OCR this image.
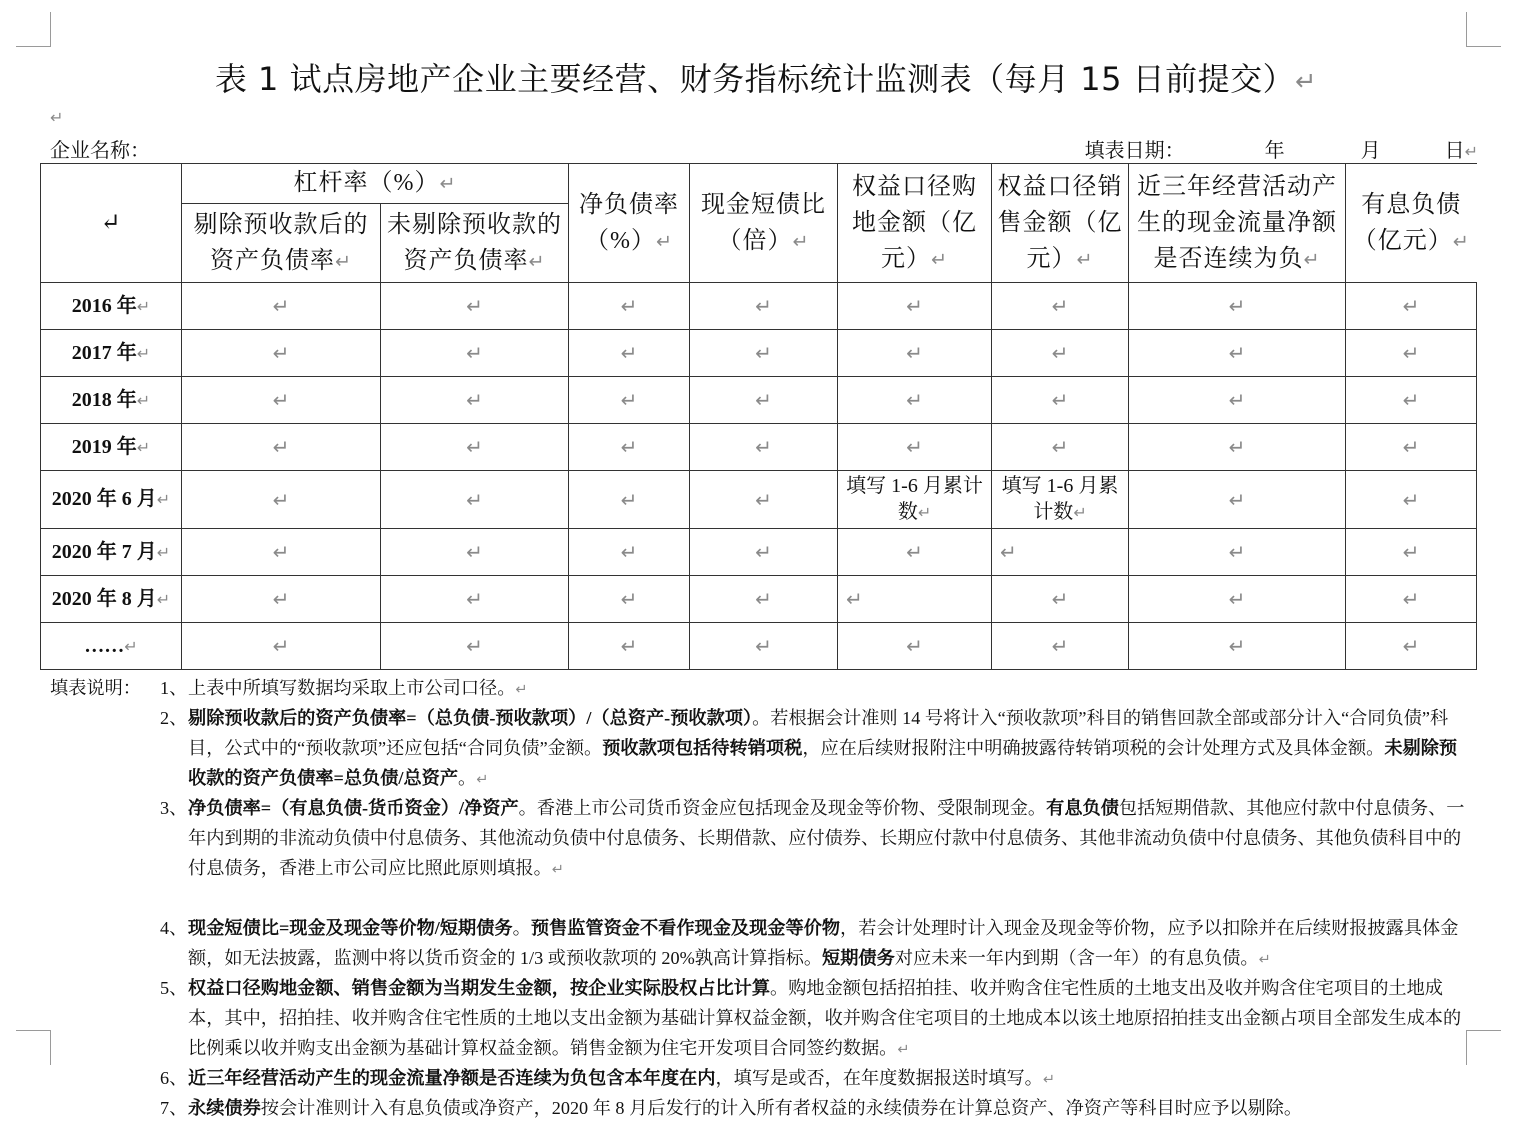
表 1 试点房地产企业主要经营、财务指标统计监测表（每月 15 日前提交）↵
↵
企业名称：	填表日期：	年	月	日↵
↵	杠杆率（%）↵		净负债率（%）↵	现金短债比（倍）↵	权益口径购地金额（亿元）↵	权益口径销售金额（亿元）↵	近三年经营活动产生的现金流量净额是否连续为负↵	有息负债（亿元）↵
	剔除预收款后的资产负债率↵	未剔除预收款的资产负债率↵						
2016 年↵	↵	↵	↵	↵	↵	↵	↵	↵
2017 年↵	↵	↵	↵	↵	↵	↵	↵	↵
2018 年↵	↵	↵	↵	↵	↵	↵	↵	↵
2019 年↵	↵	↵	↵	↵	↵	↵	↵	↵
2020 年 6 月↵	↵	↵	↵	↵	填写 1-6 月累计数↵	填写 1-6 月累计数↵	↵	↵
2020 年 7 月↵	↵	↵	↵	↵	↵	↵	↵	↵
2020 年 8 月↵	↵	↵	↵	↵	↵	↵	↵	↵
……↵	↵	↵	↵	↵	↵	↵	↵	↵
填表说明： 1、 上表中所填写数据均采取上市公司口径。↵
2、 剔除预收款后的资产负债率=（总负债-预收款项）/（总资产-预收款项）。若根据会计准则 14 号将计入“预收款项”科目的销售回款全部或部分计入“合同负债”科目，公式中的“预收款项”还应包括“合同负债”金额。预收款项包括待转销项税，应在后续财报附注中明确披露待转销项税的会计处理方式及具体金额。未剔除预收款的资产负债率=总负债/总资产。↵
3、 净负债率=（有息负债-货币资金）/净资产。香港上市公司货币资金应包括现金及现金等价物、受限制现金。有息负债包括短期借款、其他应付款中付息债务、一年内到期的非流动负债中付息债务、其他流动负债中付息债务、长期借款、应付债券、长期应付款中付息债务、其他非流动负债中付息债务、其他负债科目中的付息债务，香港上市公司应比照此原则填报。↵
4、 现金短债比=现金及现金等价物/短期债务。预售监管资金不看作现金及现金等价物，若会计处理时计入现金及现金等价物，应予以扣除并在后续财报披露具体金额，如无法披露，监测中将以货币资金的 1/3 或预收款项的 20%孰高计算指标。短期债务对应未来一年内到期（含一年）的有息负债。↵
5、 权益口径购地金额、销售金额为当期发生金额，按企业实际股权占比计算。购地金额包括招拍挂、收并购含住宅性质的土地支出及收并购含住宅项目的土地成本，其中，招拍挂、收并购含住宅性质的土地以支出金额为基础计算权益金额，收并购含住宅项目的土地成本以该土地原招拍挂支出金额占项目全部发生成本的比例乘以收并购支出金额为基础计算权益金额。销售金额为住宅开发项目合同签约数据。↵
6、 近三年经营活动产生的现金流量净额是否连续为负包含本年度在内，填写是或否，在年度数据报送时填写。↵
7、 永续债券按会计准则计入有息负债或净资产，2020 年 8 月后发行的计入所有者权益的永续债券在计算总资产、净资产等科目时应予以剔除。
